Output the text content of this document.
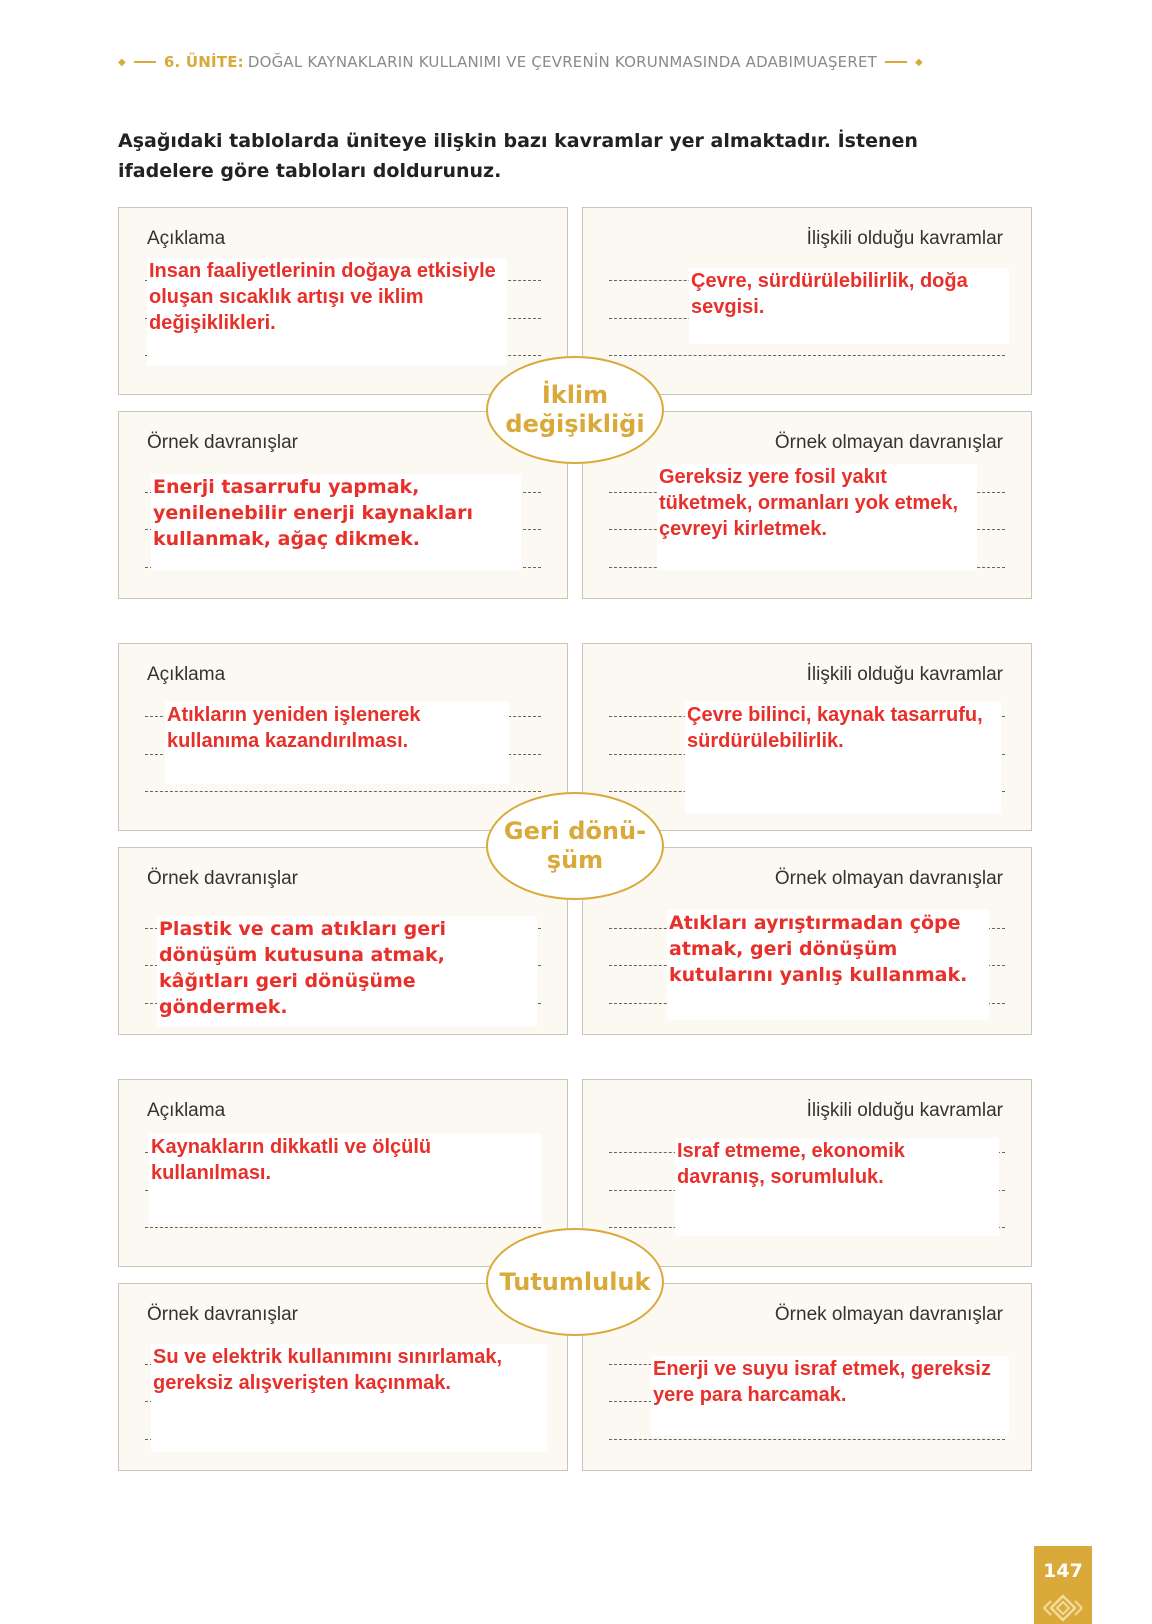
◆	6. ÜNİTE: DOĞAL KAYNAKLARIN KULLANIMI VE ÇEVRENİN KORUNMASINDA ADABIMUAŞERET	◆
Aşağıdaki tablolarda üniteye ilişkin bazı kavramlar yer almaktadır. İstenen ifadelere göre tabloları doldurunuz.
Açıklama
Insan faaliyetlerinin doğaya etkisiyle oluşan sıcaklık artışı ve iklim değişiklikleri.
İlişkili olduğu kavramlar
Çevre, sürdürülebilirlik, doğa sevgisi.
Örnek davranışlar
Enerji tasarrufu yapmak, yenilenebilir enerji kaynakları kullanmak, ağaç dikmek.
Örnek olmayan davranışlar
Gereksiz yere fosil yakıt tüketmek, ormanları yok etmek, çevreyi kirletmek.
İklim değişikliği
Açıklama
Atıkların yeniden işlenerek kullanıma kazandırılması.
İlişkili olduğu kavramlar
Çevre bilinci, kaynak tasarrufu, sürdürülebilirlik.
Örnek davranışlar
Plastik ve cam atıkları geri dönüşüm kutusuna atmak, kâğıtları geri dönüşüme göndermek.
Örnek olmayan davranışlar
Atıkları ayrıştırmadan çöpe atmak, geri dönüşüm kutularını yanlış kullanmak.
Geri dönü-şüm
Açıklama
Kaynakların dikkatli ve ölçülü kullanılması.
İlişkili olduğu kavramlar
Israf etmeme, ekonomik davranış, sorumluluk.
Örnek davranışlar
Su ve elektrik kullanımını sınırlamak, gereksiz alışverişten kaçınmak.
Örnek olmayan davranışlar
Enerji ve suyu israf etmek, gereksiz yere para harcamak.
Tutumluluk
147
